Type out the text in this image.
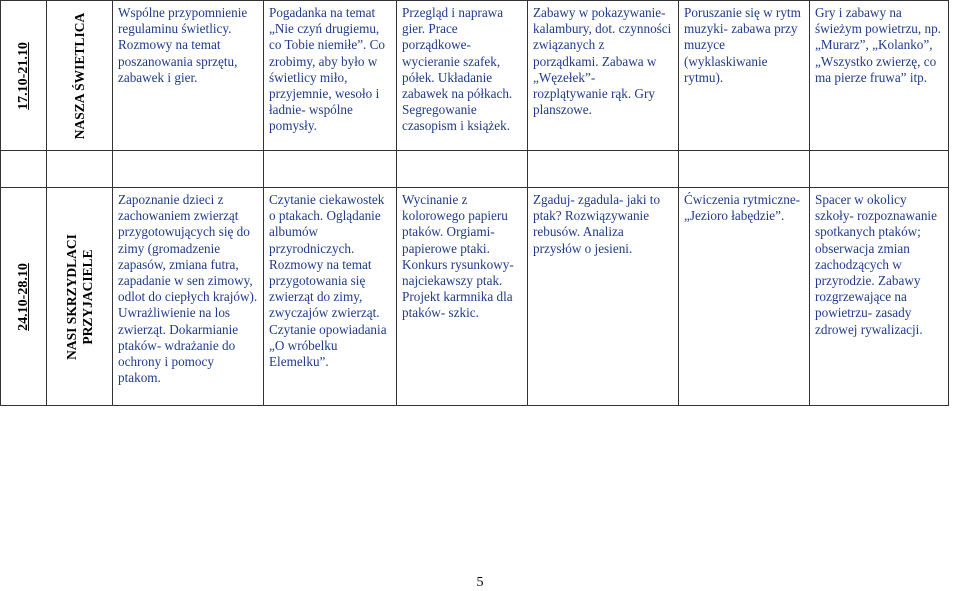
17.10-21.10	NASZA ŚWIETLICA	Wspólne przypomnienie regulaminu świetlicy. Rozmowy na temat poszanowania sprzętu, zabawek i gier.	Pogadanka na temat „Nie czyń drugiemu, co Tobie niemiłe”. Co zrobimy, aby było w świetlicy miło, przyjemnie, wesoło i ładnie- wspólne pomysły.	Przegląd i naprawa gier. Prace porządkowe- wycieranie szafek, półek. Układanie zabawek na półkach. Segregowanie czasopism i książek.	Zabawy w pokazywanie- kalambury, dot. czynności związanych z porządkami. Zabawa w „Węzełek”- rozplątywanie rąk. Gry planszowe.	Poruszanie się w rytm muzyki- zabawa przy muzyce (wyklaskiwanie rytmu).	Gry i zabawy na świeżym powietrzu, np. „Murarz”, „Kolanko”, „Wszystko zwierzę, co ma pierze fruwa” itp.

24.10-28.10	NASI SKRZYDLACI PRZYJACIELE	Zapoznanie dzieci z zachowaniem zwierząt przygotowujących się do zimy (gromadzenie zapasów, zmiana futra, zapadanie w sen zimowy, odlot do ciepłych krajów). Uwrażliwienie na los zwierząt. Dokarmianie ptaków- wdrażanie do ochrony i pomocy ptakom.	Czytanie ciekawostek o ptakach. Oglądanie albumów przyrodniczych. Rozmowy na temat przygotowania się zwierząt do zimy, zwyczajów zwierząt. Czytanie opowiadania „O wróbelku Elemelku”.	Wycinanie z kolorowego papieru ptaków. Orgiami- papierowe ptaki. Konkurs rysunkowy- najciekawszy ptak. Projekt karmnika dla ptaków- szkic.	Zgaduj- zgadula- jaki to ptak? Rozwiązywanie rebusów. Analiza przysłów o jesieni.	Ćwiczenia rytmiczne- „Jezioro łabędzie”.	Spacer w okolicy szkoły- rozpoznawanie spotkanych ptaków; obserwacja zmian zachodzących w przyrodzie. Zabawy rozgrzewające na powietrzu- zasady zdrowej rywalizacji.
5
